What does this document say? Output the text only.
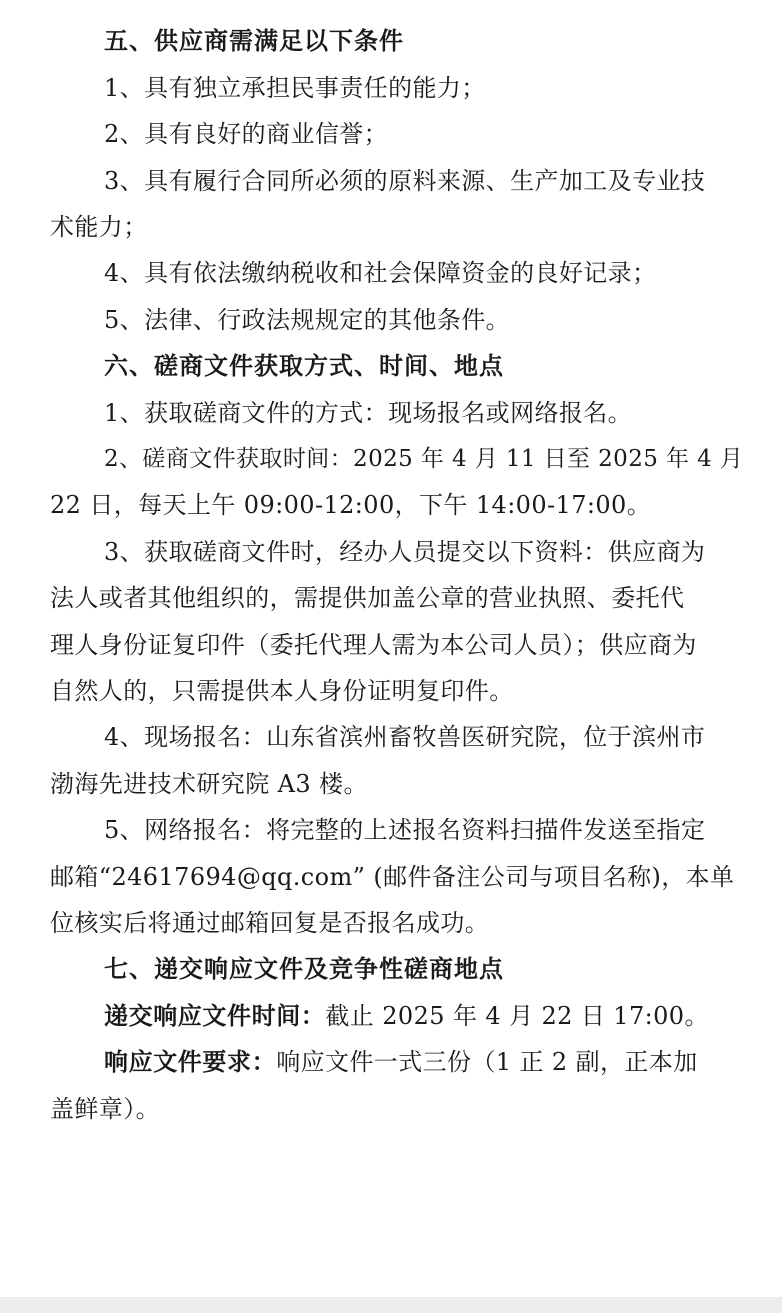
五、供应商需满足以下条件
1、具有独立承担民事责任的能力；
2、具有良好的商业信誉；
3、具有履行合同所必须的原料来源、生产加工及专业技
术能力；
4、具有依法缴纳税收和社会保障资金的良好记录；
5、法律、行政法规规定的其他条件。
六、磋商文件获取方式、时间、地点
1、获取磋商文件的方式：现场报名或网络报名。
2、磋商文件获取时间：2025 年 4 月 11 日至 2025 年 4 月
22 日，每天上午 09:00-12:00，下午 14:00-17:00。
3、获取磋商文件时，经办人员提交以下资料：供应商为
法人或者其他组织的，需提供加盖公章的营业执照、委托代
理人身份证复印件（委托代理人需为本公司人员）；供应商为
自然人的，只需提供本人身份证明复印件。
4、现场报名：山东省滨州畜牧兽医研究院，位于滨州市
渤海先进技术研究院 A3 楼。
5、网络报名：将完整的上述报名资料扫描件发送至指定
邮箱“24617694@qq.com” (邮件备注公司与项目名称)，本单
位核实后将通过邮箱回复是否报名成功。
七、递交响应文件及竞争性磋商地点
递交响应文件时间：截止 2025 年 4 月 22 日 17:00。
响应文件要求：响应文件一式三份（1 正 2 副，正本加
盖鲜章）。
